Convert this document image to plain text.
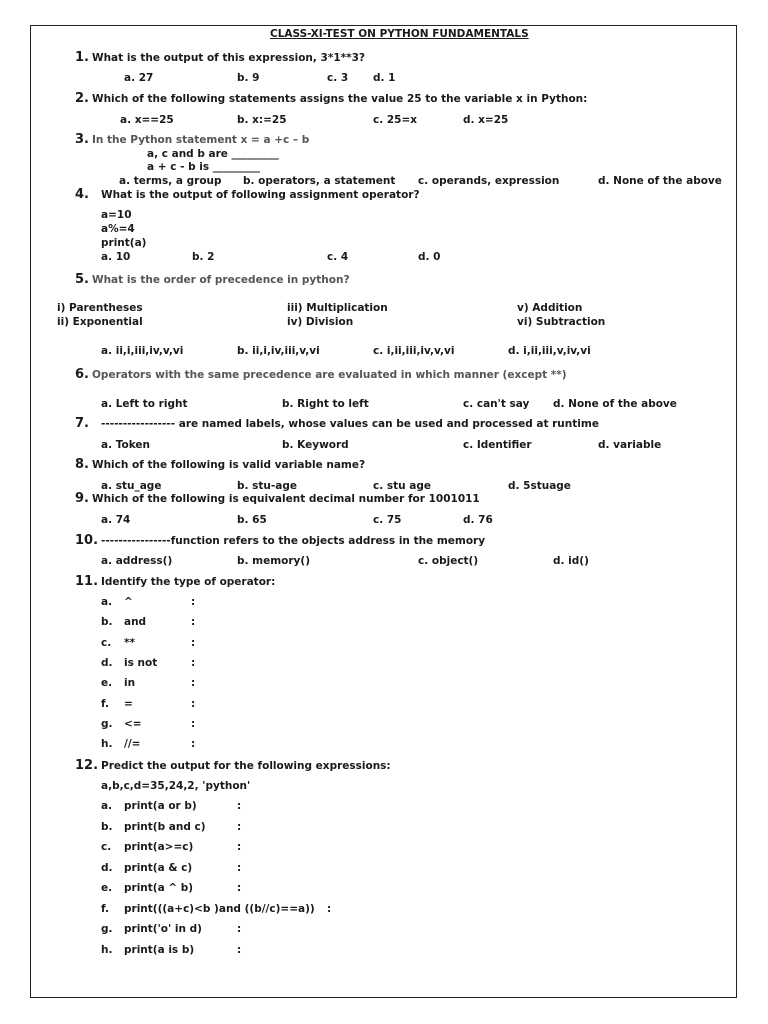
CLASS-XI-TEST ON PYTHON FUNDAMENTALS
1. What is the output of this expression, 3*1**3?
a. 27	b. 9	c. 3 d. 1
2. Which of the following statements assigns the value 25 to the variable x in Python:
a. x==25	b. x:=25	c. 25=x	d. x=25
3. In the Python statement x = a +c – b
a, c and b are _________
a + c - b is _________
a. terms, a group b. operators, a statement c. operands, expression	d. None of the above
4. What is the output of following assignment operator?
a=10
a%=4
print(a)
a. 10	b. 2	c. 4	d. 0
5. What is the order of precedence in python?
i) Parentheses
ii) Exponential
iii) Multiplication
iv) Division
v) Addition
vi) Subtraction
a. ii,i,iii,iv,v,vi	b. ii,i,iv,iii,v,vi	c. i,ii,iii,iv,v,vi	d. i,ii,iii,v,iv,vi
6. Operators with the same precedence are evaluated in which manner (except **)
a. Left to right	b. Right to left	c. can't say d. None of the above
7. ----------------- are named labels, whose values can be used and processed at runtime
a. Token	b. Keyword	c. Identifier	d. variable
8. Which of the following is valid variable name?
a. stu_age	b. stu-age	c. stu age	d. 5stuage
9. Which of the following is equivalent decimal number for 1001011
a. 74	b. 65	c. 75	d. 76
10. ----------------function refers to the objects address in the memory
a. address()	b. memory()	c. object()	d. id()
11. Identify the type of operator:
a. ^	:
b. and	:
c. **	:
d. is not	:
e. in	:
f. =	:
g. <=	:
h. //=	:
12. Predict the output for the following expressions:
a,b,c,d=35,24,2, 'python'
a. print(a or b)	:
b. print(b and c)	:
c. print(a>=c)	:
d. print(a & c)	:
e. print(a ^ b)	:
f. print(((a+c)<b )and ((b//c)==a)) :
g. print('o' in d)	:
h. print(a is b)	:
